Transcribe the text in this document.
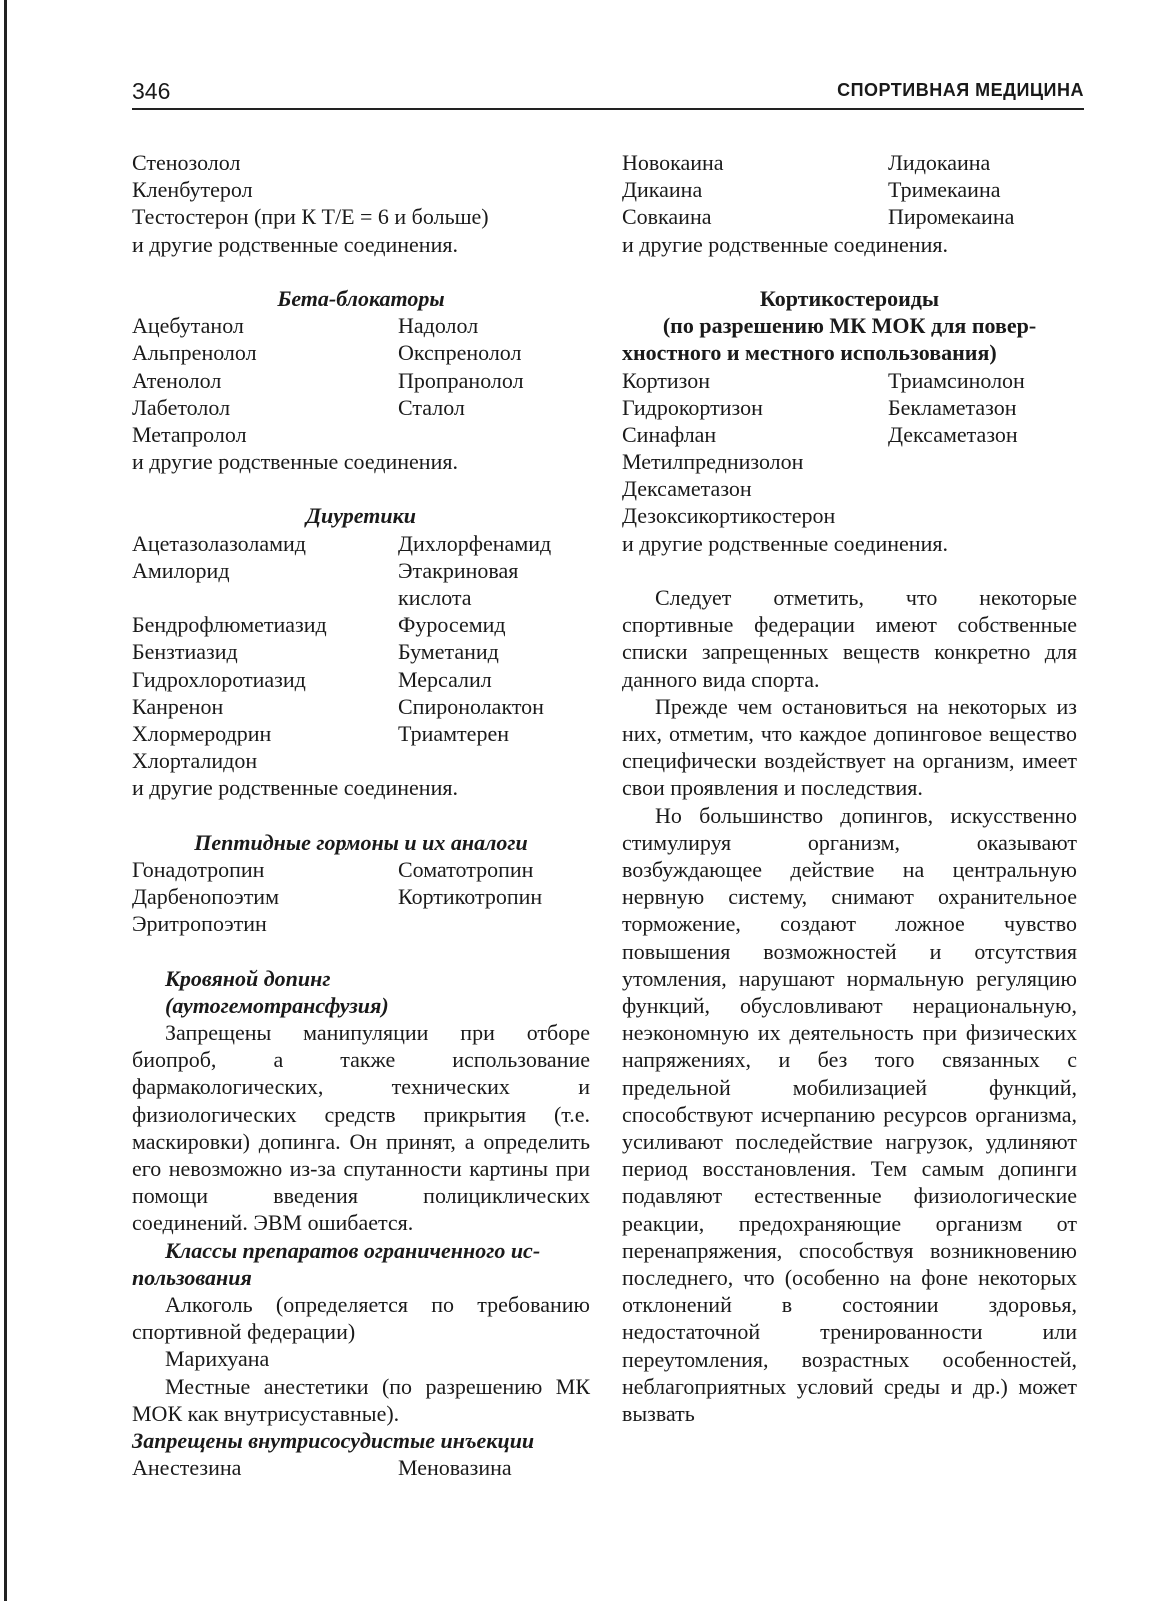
346	СПОРТИВНАЯ МЕДИЦИНА
Стенозолол
Кленбутерол
Тестостерон (при К Т/Е = 6 и больше)
и другие родственные соединения.
Бета-блокаторы
Ацебутанол	Надолол
Альпренолол	Окспренолол
Атенолол	Пропранолол
Лабетолол	Сталол
Метапролол
и другие родственные соединения.
Диуретики
Ацетазолазоламид	Дихлорфенамид
Амилорид	Этакриновая
кислота
Бендрофлюметиазид	Фуросемид
Бензтиазид	Буметанид
Гидрохлоротиазид	Мерсалил
Канренон	Спиронолактон
Хлормеродрин	Триамтерен
Хлорталидон
и другие родственные соединения.
Пептидные гормоны и их аналоги
Гонадотропин	Соматотропин
Дарбенопоэтим	Кортикотропин
Эритропоэтин
Кровяной допинг
(аутогемотрансфузия)
Запрещены манипуляции при отборе биопроб, а также использование фармакологических, технических и физиологических средств прикрытия (т.е. маскировки) допинга. Он принят, а определить его невозможно из-за спутанности картины при помощи введения полициклических соединений. ЭВМ ошибается.
Классы препаратов ограниченного ис-
пользования
Алкоголь (определяется по требованию спортивной федерации)
Марихуана
Местные анестетики (по разрешению МК МОК как внутрисуставные).
Запрещены внутрисосудистые инъекции
Анестезина	Меновазина
Новокаина	Лидокаина
Дикаина	Тримекаина
Совкаина	Пиромекаина
и другие родственные соединения.
Кортикостероиды
(по разрешению МК МОК для повер-
хностного и местного использования)
Кортизон	Триамсинолон
Гидрокортизон	Бекламетазон
Синафлан	Дексаметазон
Метилпреднизолон
Дексаметазон
Дезоксикортикостерон
и другие родственные соединения.
Следует отметить, что некоторые спортивные федерации имеют собственные списки запрещенных веществ конкретно для данного вида спорта.
Прежде чем остановиться на некоторых из них, отметим, что каждое допинговое вещество специфически воздействует на организм, имеет свои проявления и последствия.
Но большинство допингов, искусственно стимулируя организм, оказывают возбуждающее действие на центральную нервную систему, снимают охранительное торможение, создают ложное чувство повышения возможностей и отсутствия утомления, нарушают нормальную регуляцию функций, обусловливают нерациональную, неэкономную их деятельность при физических напряжениях, и без того связанных с предельной мобилизацией функций, способствуют исчерпанию ресурсов организма, усиливают последействие нагрузок, удлиняют период восстановления. Тем самым допинги подавляют естественные физиологические реакции, предохраняющие организм от перенапряжения, способствуя возникновению последнего, что (особенно на фоне некоторых отклонений в состоянии здоровья, недостаточной тренированности или переутомления, возрастных особенностей, неблагоприятных условий среды и др.) может вызвать
